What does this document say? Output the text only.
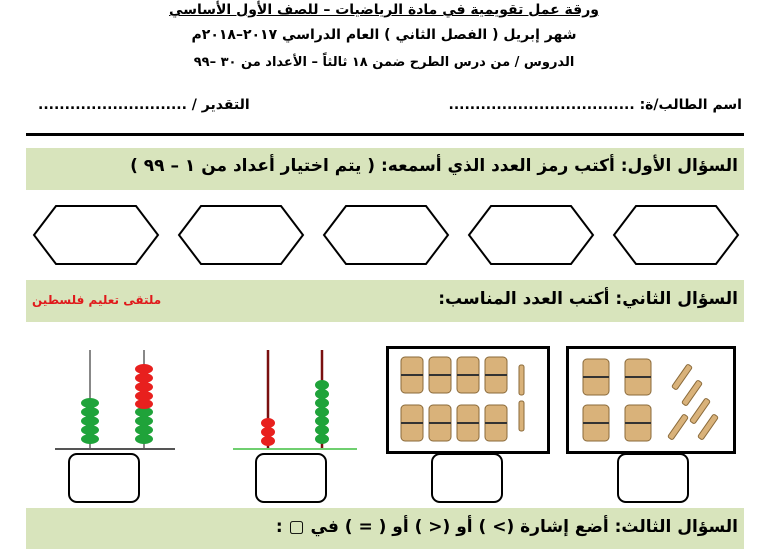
ورقة عمل تقويمية في مادة الرياضيات – للصف الأول الأساسي
شهر إبريل ( الفصل الثاني ) العام الدراسي ٢٠١٧–٢٠١٨م
الدروس / من درس الطرح ضمن ١٨ ثالثاً – الأعداد من ٣٠ –٩٩
اسم الطالب/ة: ...................................
التقدير / ............................
السؤال الأول: أكتب رمز العدد الذي أسمعه: ( يتم اختيار أعداد من ١ – ٩٩ )
السؤال الثاني: أكتب العدد المناسب:
ملتقى تعليم فلسطين
السؤال الثالث: أضع إشارة (> ) أو (< ) أو ( = ) في ▢ :
